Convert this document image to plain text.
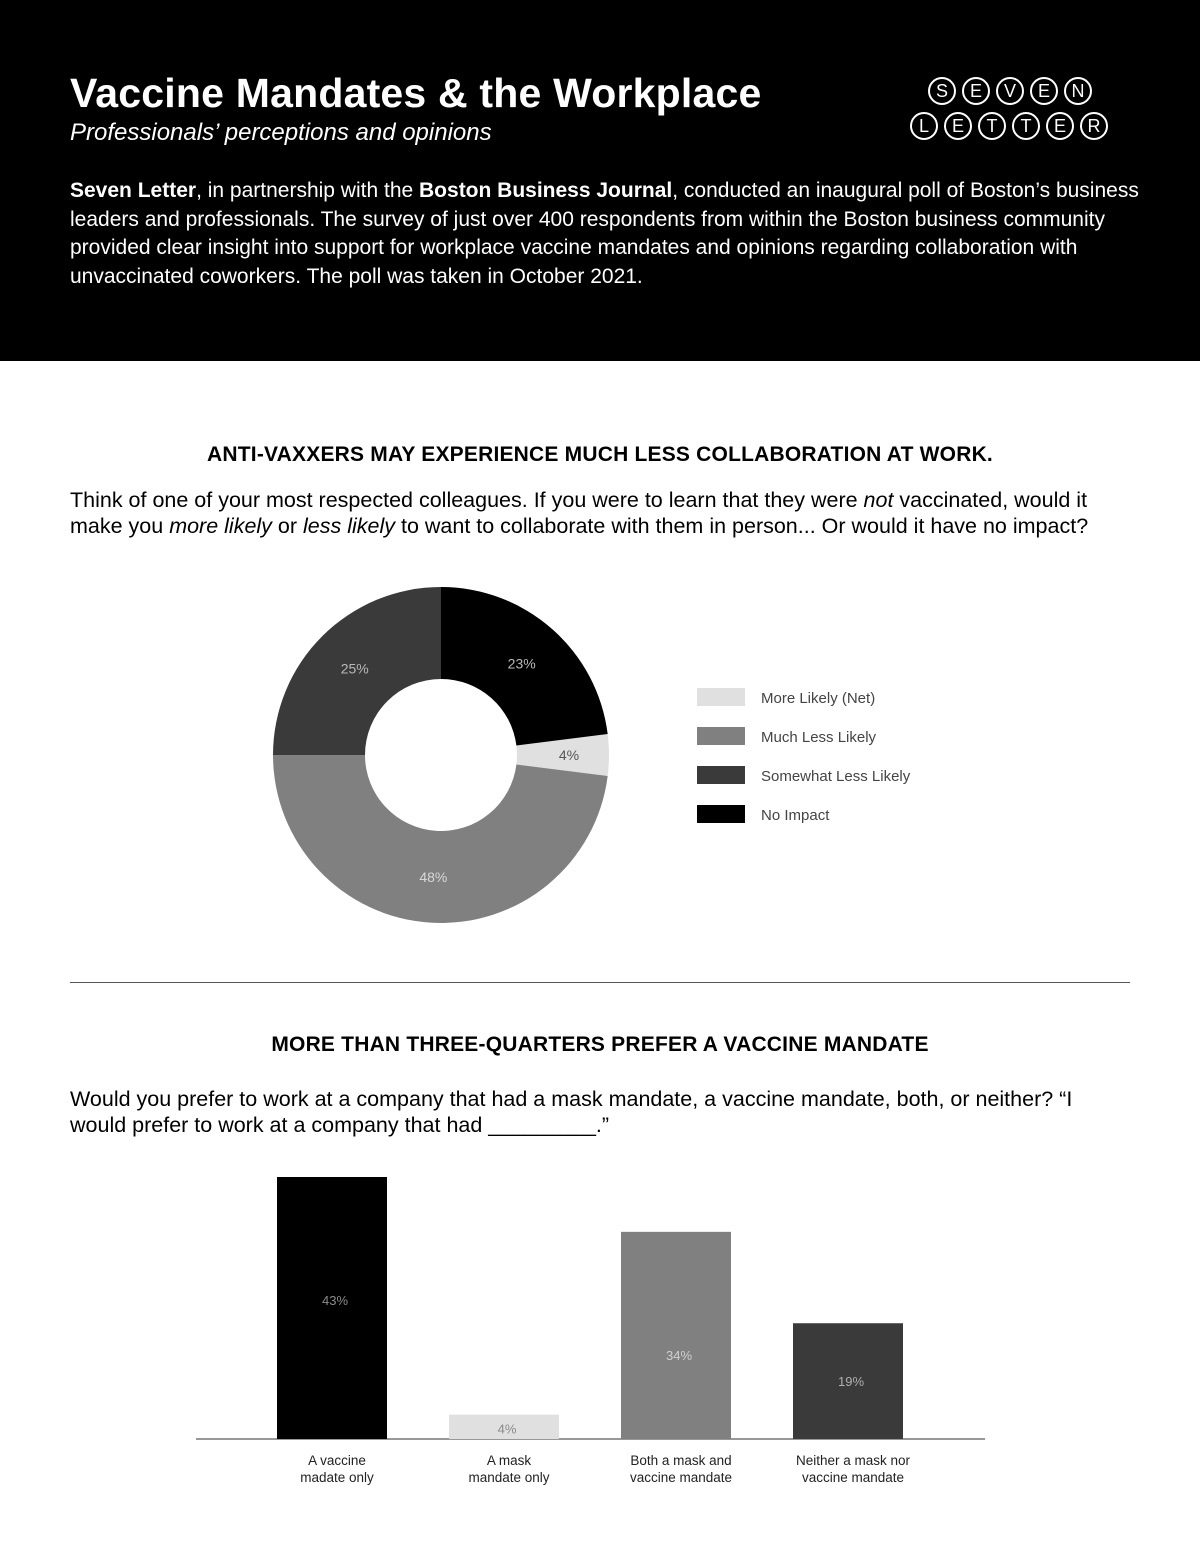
Vaccine Mandates & the Workplace

Professionals’ perceptions and opinions

S	E	V	E	N
L	E	T	T	E	R

Seven Letter, in partnership with the Boston Business Journal, conducted an inaugural poll of Boston’s business leaders and professionals. The survey of just over 400 respondents from within the Boston business community provided clear insight into support for workplace vaccine mandates and opinions regarding collaboration with unvaccinated coworkers. The poll was taken in October 2021.

ANTI-VAXXERS MAY EXPERIENCE MUCH LESS COLLABORATION AT WORK.

Think of one of your most respected colleagues. If you were to learn that they were not vaccinated, would it make you more likely or less likely to want to collaborate with them in person... Or would it have no impact?

4%
48%
25%	23%
More Likely (Net)
Much Less Likely
Somewhat Less Likely
No Impact
MORE THAN THREE-QUARTERS PREFER A VACCINE MANDATE

Would you prefer to work at a company that had a mask mandate, a vaccine mandate, both, or neither? “I would prefer to work at a company that had _________.”

43%
A vaccine
madate only
4%
A mask
mandate only
34%
Both a mask and
vaccine mandate
19%
Neither a mask nor
vaccine mandate
